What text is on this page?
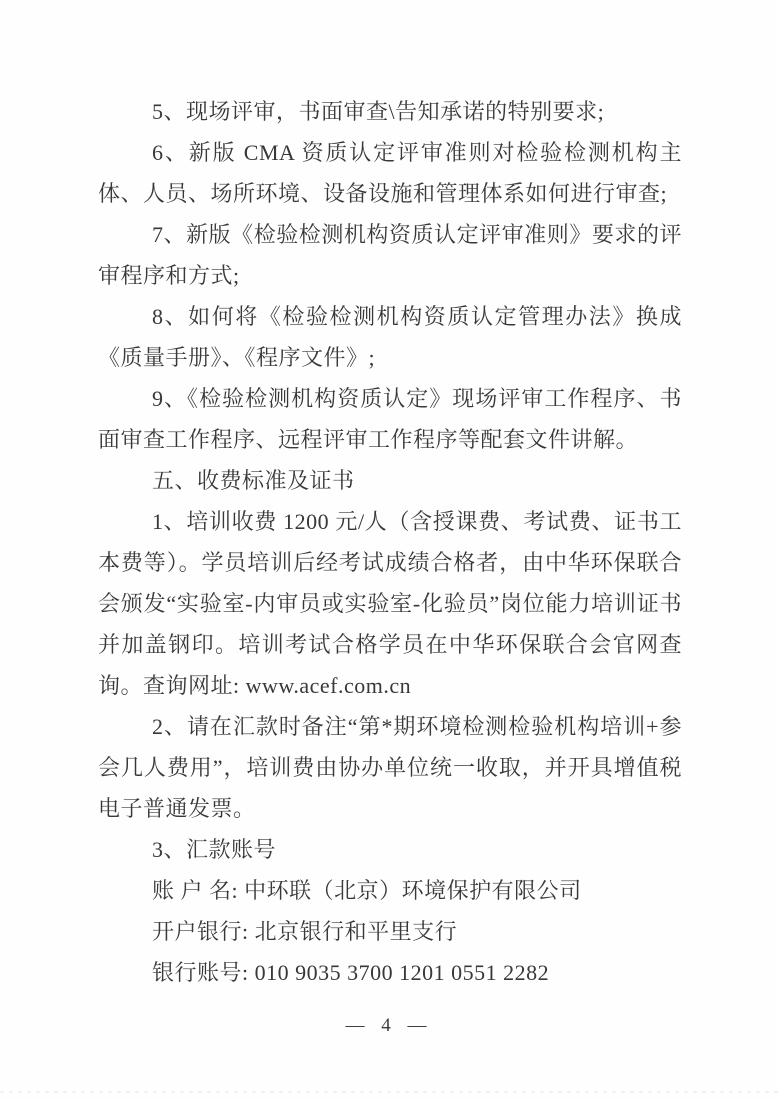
5、现场评审，书面审查\告知承诺的特别要求;

6、新版 CMA 资质认定评审准则对检验检测机构主体、人员、场所环境、设备设施和管理体系如何进行审查;

7、新版《检验检测机构资质认定评审准则》要求的评审程序和方式;

8、如何将《检验检测机构资质认定管理办法》换成《质量手册》、《程序文件》;

9、《检验检测机构资质认定》现场评审工作程序、书面审查工作程序、远程评审工作程序等配套文件讲解。

五、收费标准及证书

1、培训收费 1200 元/人（含授课费、考试费、证书工本费等）。学员培训后经考试成绩合格者，由中华环保联合会颁发“实验室-内审员或实验室-化验员”岗位能力培训证书并加盖钢印。培训考试合格学员在中华环保联合会官网查询。查询网址: www.acef.com.cn

2、请在汇款时备注“第*期环境检测检验机构培训+参会几人费用”，培训费由协办单位统一收取，并开具增值税电子普通发票。

3、汇款账号

账 户 名: 中环联（北京）环境保护有限公司

开户银行: 北京银行和平里支行

银行账号: 010 9035 3700 1201 0551 2282

— 4 —
